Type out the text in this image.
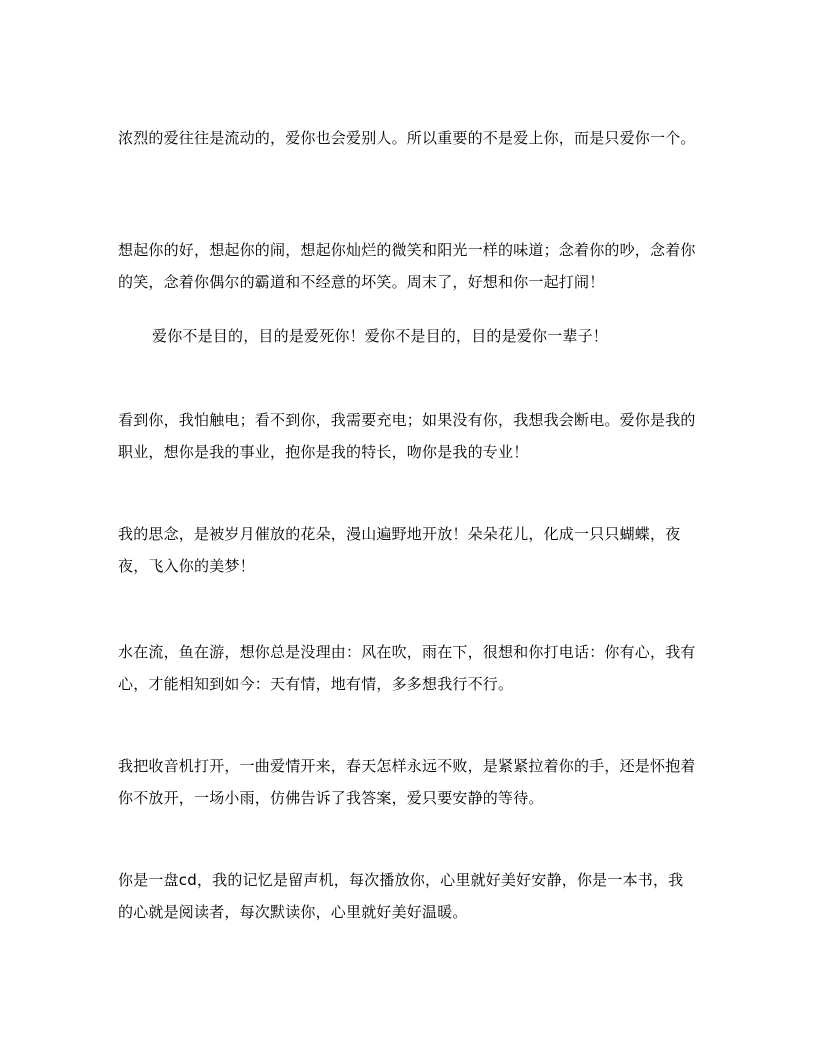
浓烈的爱往往是流动的，爱你也会爱别人。所以重要的不是爱上你，而是只爱你一个。

想起你的好，想起你的闹，想起你灿烂的微笑和阳光一样的味道；念着你的吵，念着你的笑，念着你偶尔的霸道和不经意的坏笑。周末了，好想和你一起打闹！

爱你不是目的，目的是爱死你！爱你不是目的，目的是爱你一辈子！

看到你，我怕触电；看不到你，我需要充电；如果没有你，我想我会断电。爱你是我的职业，想你是我的事业，抱你是我的特长，吻你是我的专业！

我的思念，是被岁月催放的花朵，漫山遍野地开放！朵朵花儿，化成一只只蝴蝶，夜夜，飞入你的美梦！

水在流，鱼在游，想你总是没理由：风在吹，雨在下，很想和你打电话：你有心，我有心，才能相知到如今：天有情，地有情，多多想我行不行。

我把收音机打开，一曲爱情开来，春天怎样永远不败，是紧紧拉着你的手，还是怀抱着你不放开，一场小雨，仿佛告诉了我答案，爱只要安静的等待。

你是一盘cd，我的记忆是留声机，每次播放你，心里就好美好安静，你是一本书，我的心就是阅读者，每次默读你，心里就好美好温暖。
